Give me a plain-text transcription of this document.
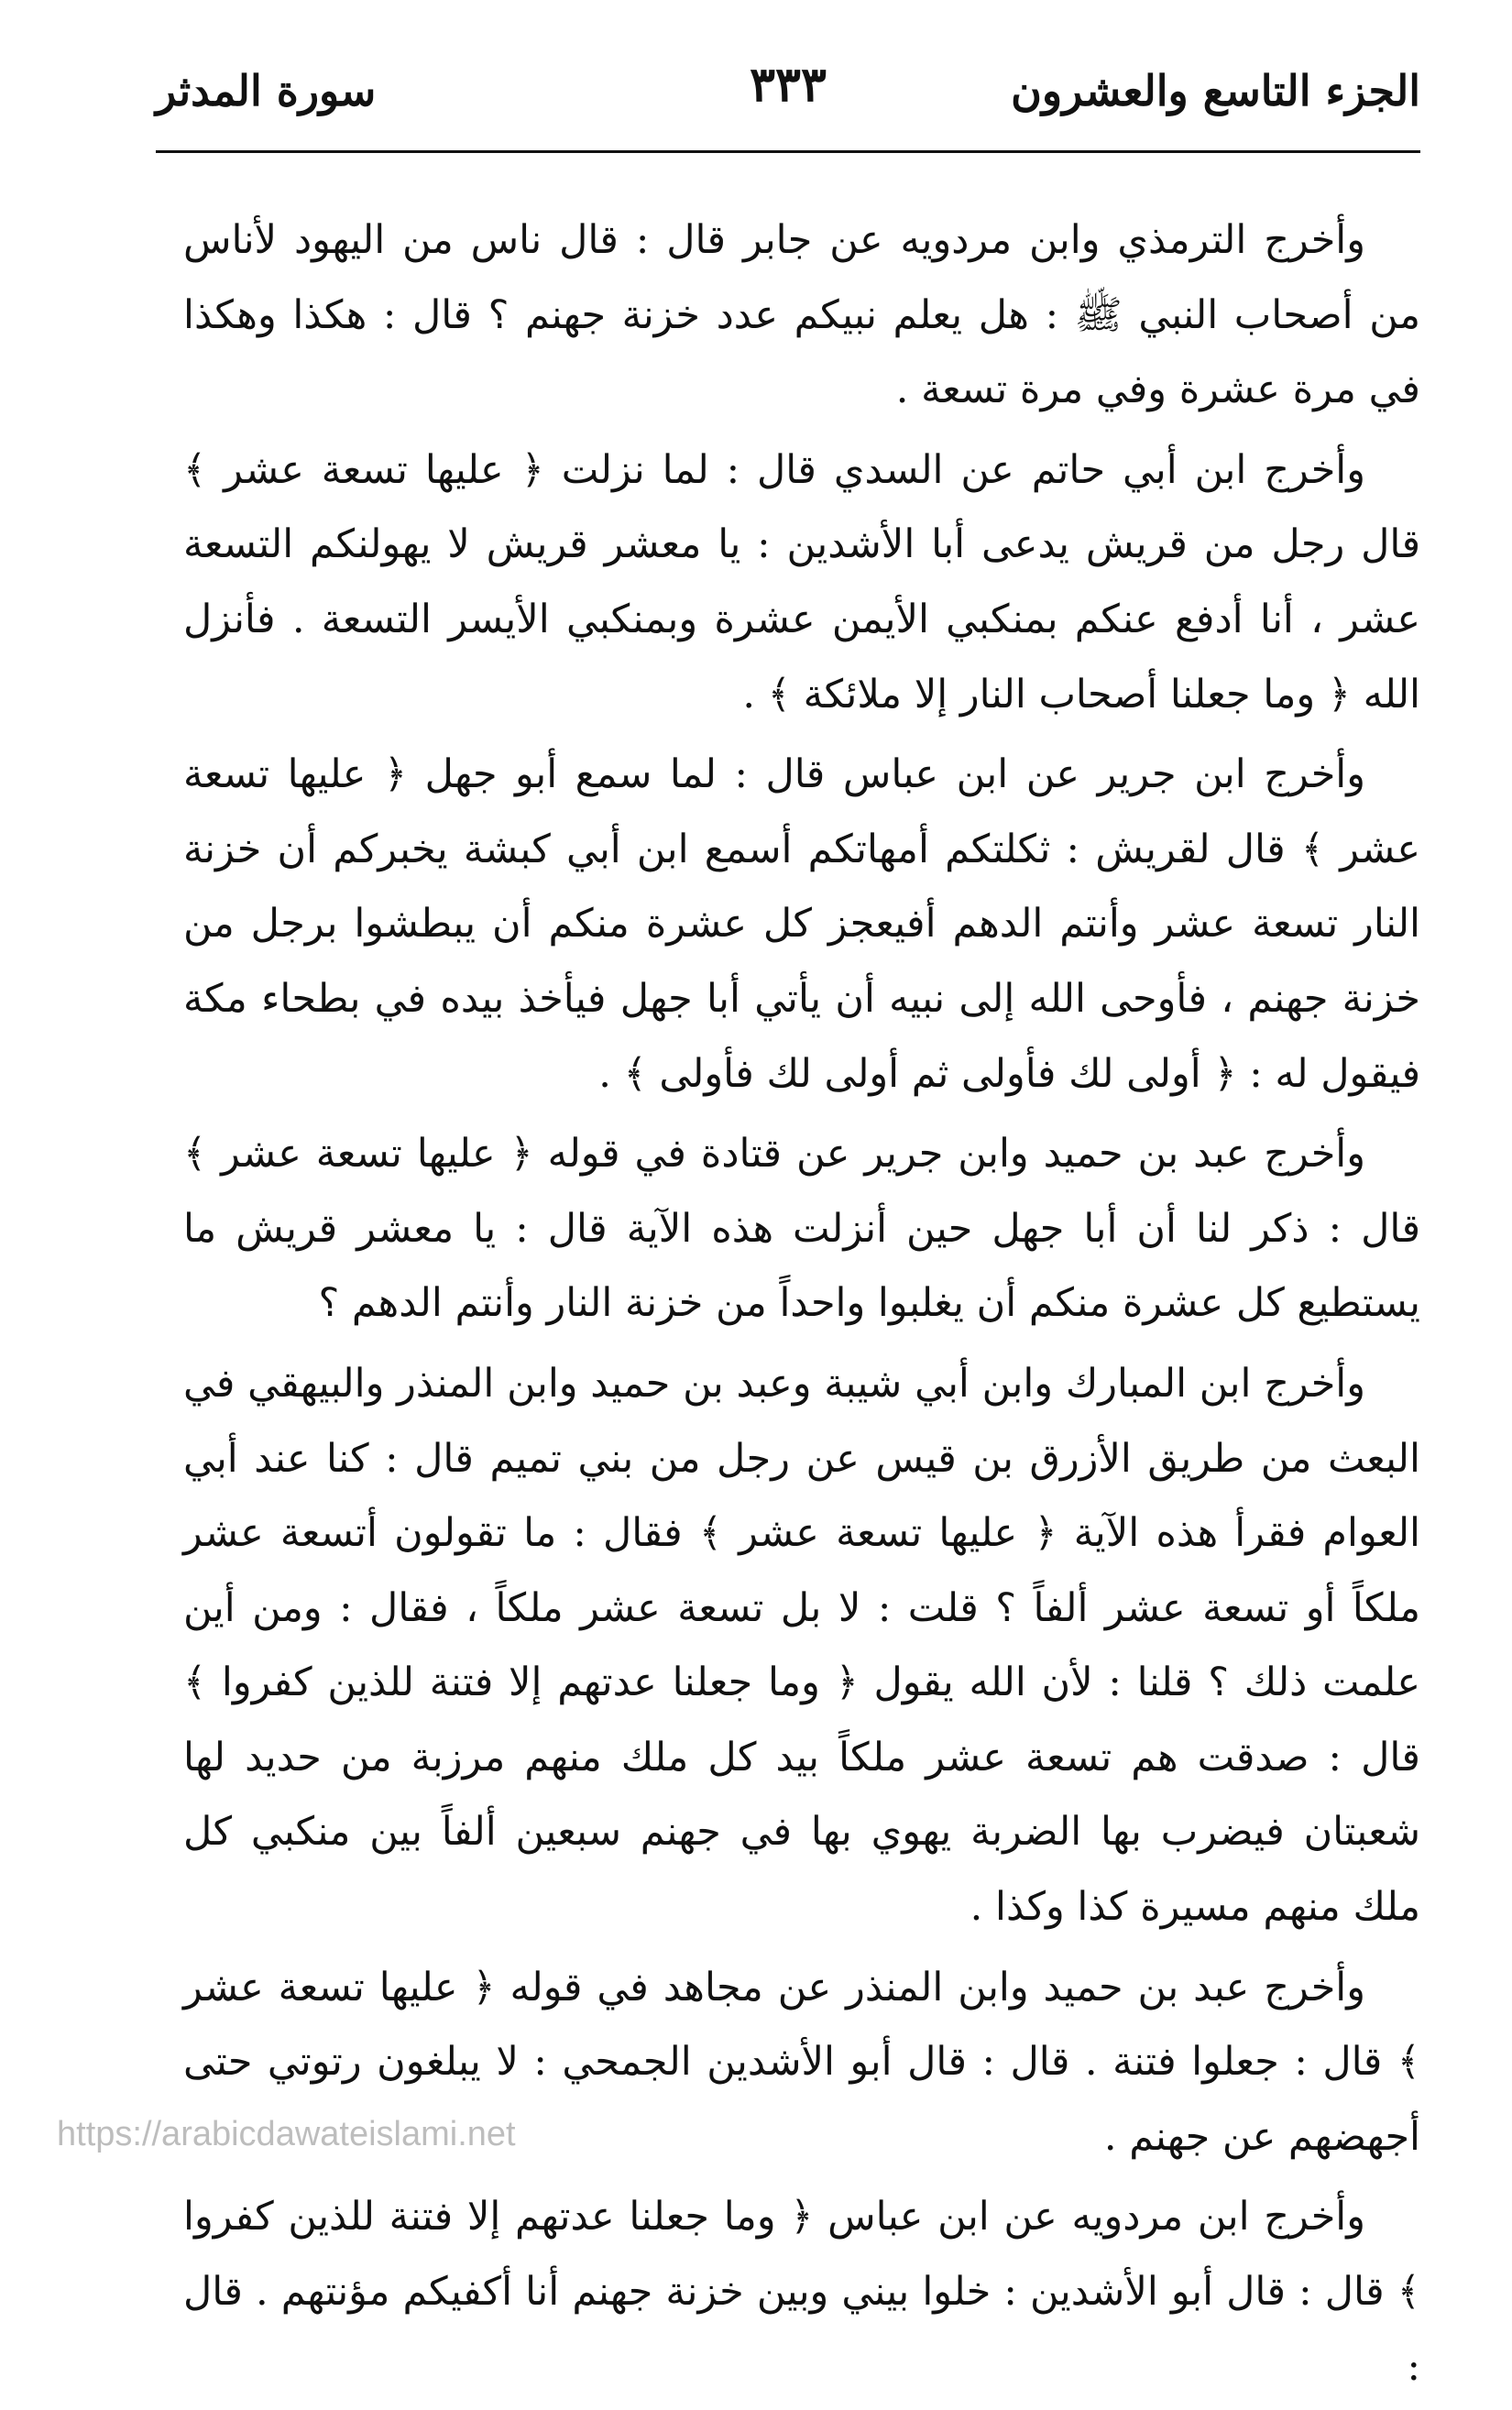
الجزء التاسع والعشرون
٣٣٣
سورة المدثر

وأخرج الترمذي وابن مردويه عن جابر قال : قال ناس من اليهود لأناس من أصحاب النبي ﷺ : هل يعلم نبيكم عدد خزنة جهنم ؟ قال : هكذا وهكذا في مرة عشرة وفي مرة تسعة .

وأخرج ابن أبي حاتم عن السدي قال : لما نزلت ﴿ عليها تسعة عشر ﴾ قال رجل من قريش يدعى أبا الأشدين : يا معشر قريش لا يهولنكم التسعة عشر ، أنا أدفع عنكم بمنكبي الأيمن عشرة وبمنكبي الأيسر التسعة . فأنزل الله ﴿ وما جعلنا أصحاب النار إلا ملائكة ﴾ .

وأخرج ابن جرير عن ابن عباس قال : لما سمع أبو جهل ﴿ عليها تسعة عشر ﴾ قال لقريش : ثكلتكم أمهاتكم أسمع ابن أبي كبشة يخبركم أن خزنة النار تسعة عشر وأنتم الدهم أفيعجز كل عشرة منكم أن يبطشوا برجل من خزنة جهنم ، فأوحى الله إلى نبيه أن يأتي أبا جهل فيأخذ بيده في بطحاء مكة فيقول له : ﴿ أولى لك فأولى ثم أولى لك فأولى ﴾ .

وأخرج عبد بن حميد وابن جرير عن قتادة في قوله ﴿ عليها تسعة عشر ﴾ قال : ذكر لنا أن أبا جهل حين أنزلت هذه الآية قال : يا معشر قريش ما يستطيع كل عشرة منكم أن يغلبوا واحداً من خزنة النار وأنتم الدهم ؟

وأخرج ابن المبارك وابن أبي شيبة وعبد بن حميد وابن المنذر والبيهقي في البعث من طريق الأزرق بن قيس عن رجل من بني تميم قال : كنا عند أبي العوام فقرأ هذه الآية ﴿ عليها تسعة عشر ﴾ فقال : ما تقولون أتسعة عشر ملكاً أو تسعة عشر ألفاً ؟ قلت : لا بل تسعة عشر ملكاً ، فقال : ومن أين علمت ذلك ؟ قلنا : لأن الله يقول ﴿ وما جعلنا عدتهم إلا فتنة للذين كفروا ﴾ قال : صدقت هم تسعة عشر ملكاً بيد كل ملك منهم مرزبة من حديد لها شعبتان فيضرب بها الضربة يهوي بها في جهنم سبعين ألفاً بين منكبي كل ملك منهم مسيرة كذا وكذا .

وأخرج عبد بن حميد وابن المنذر عن مجاهد في قوله ﴿ عليها تسعة عشر ﴾ قال : جعلوا فتنة . قال : قال أبو الأشدين الجمحي : لا يبلغون رتوتي حتى أجهضهم عن جهنم .

وأخرج ابن مردويه عن ابن عباس ﴿ وما جعلنا عدتهم إلا فتنة للذين كفروا ﴾ قال : قال أبو الأشدين : خلوا بيني وبين خزنة جهنم أنا أكفيكم مؤنتهم . قال :

https://arabicdawateislami.net
